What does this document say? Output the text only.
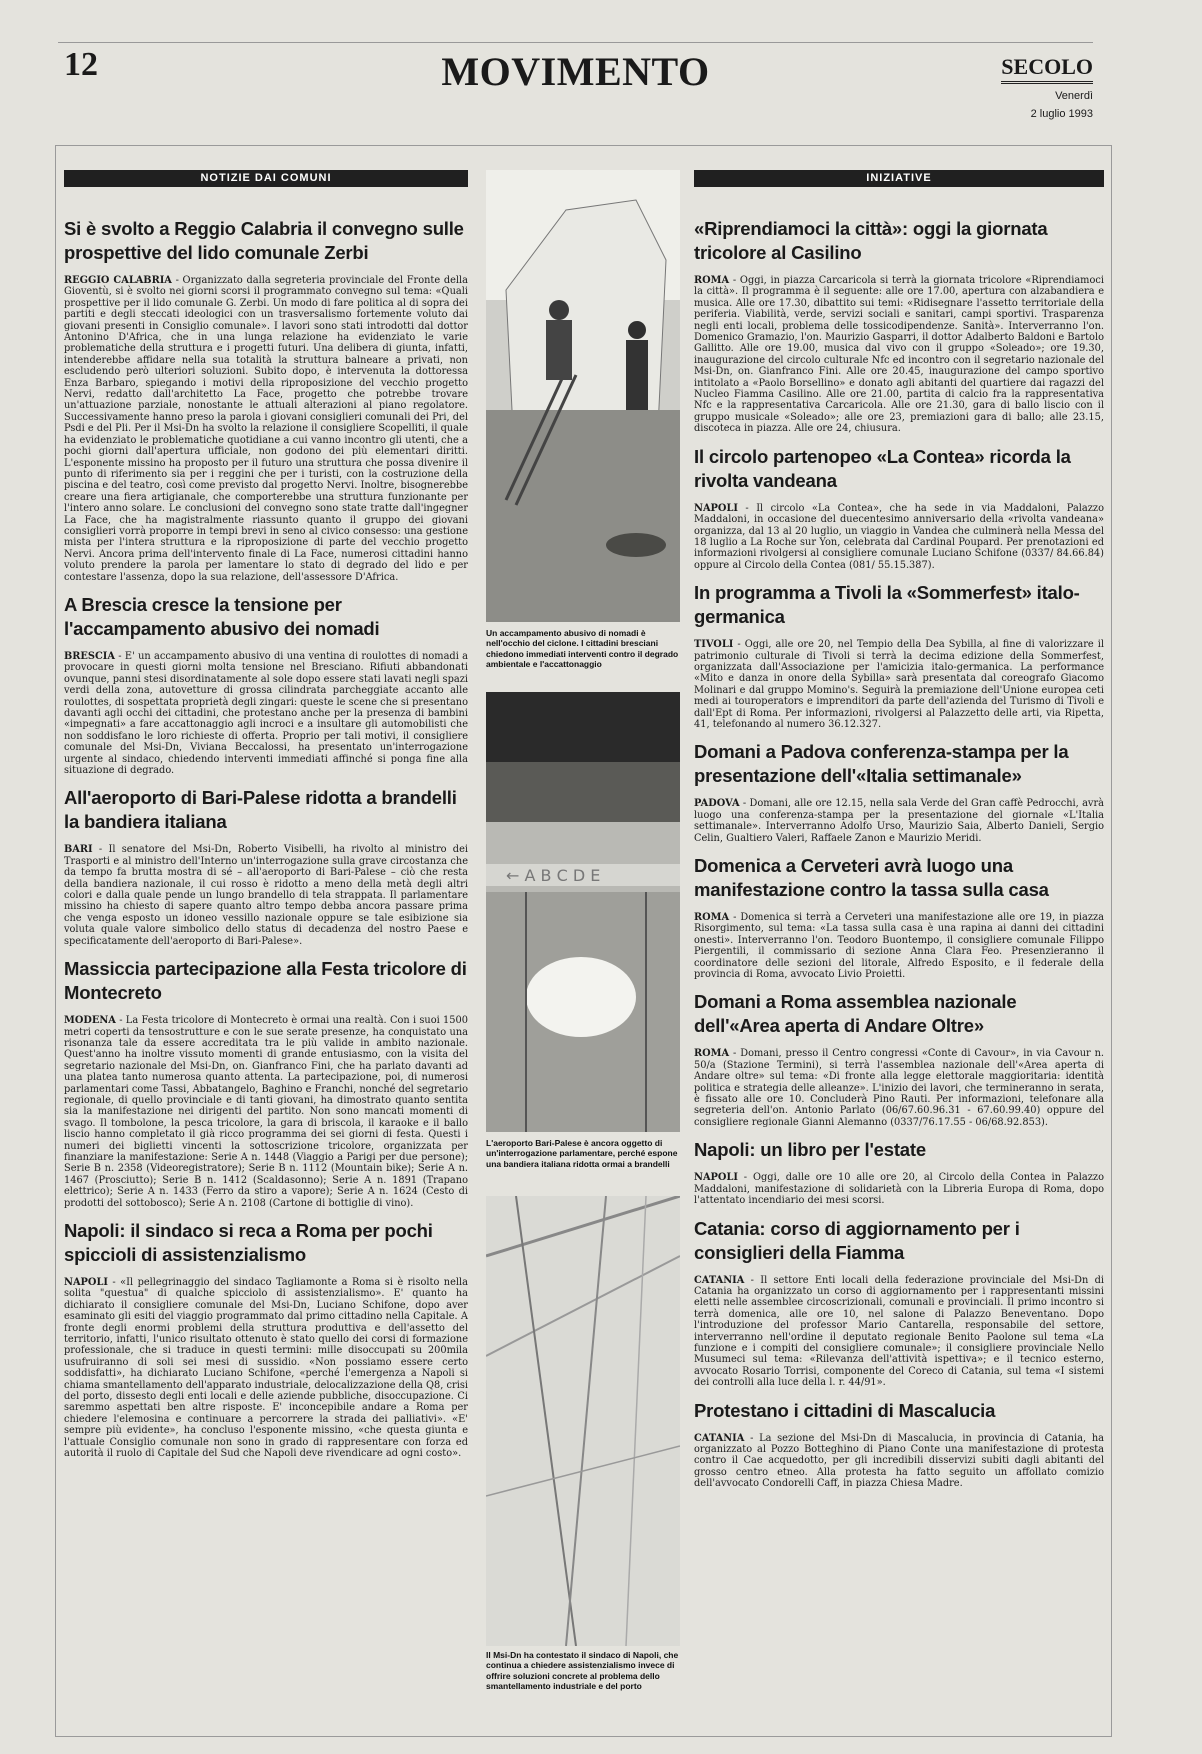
12	MOVIMENTO	SECOLO
Venerdì
2 luglio 1993
NOTIZIE DAI COMUNI
Si è svolto a Reggio Calabria il convegno sulle prospettive del lido comunale Zerbi

REGGIO CALABRIA - Organizzato dalla segreteria provinciale del Fronte della Gioventù, si è svolto nei giorni scorsi il programmato convegno sul tema: «Quali prospettive per il lido comunale G. Zerbi. Un modo di fare politica al di sopra dei partiti e degli steccati ideologici con un trasversalismo fortemente voluto dai giovani presenti in Consiglio comunale». I lavori sono stati introdotti dal dottor Antonino D'Africa, che in una lunga relazione ha evidenziato le varie problematiche della struttura e i progetti futuri. Una delibera di giunta, infatti, intenderebbe affidare nella sua totalità la struttura balneare a privati, non escludendo però ulteriori soluzioni. Subito dopo, è intervenuta la dottoressa Enza Barbaro, spiegando i motivi della riproposizione del vecchio progetto Nervi, redatto dall'architetto La Face, progetto che potrebbe trovare un'attuazione parziale, nonostante le attuali alterazioni al piano regolatore. Successivamente hanno preso la parola i giovani consiglieri comunali dei Pri, del Psdi e del Pli. Per il Msi-Dn ha svolto la relazione il consigliere Scopelliti, il quale ha evidenziato le problematiche quotidiane a cui vanno incontro gli utenti, che a pochi giorni dall'apertura ufficiale, non godono dei più elementari diritti. L'esponente missino ha proposto per il futuro una struttura che possa divenire il punto di riferimento sia per i reggini che per i turisti, con la costruzione della piscina e del teatro, così come previsto dal progetto Nervi. Inoltre, bisognerebbe creare una fiera artigianale, che comporterebbe una struttura funzionante per l'intero anno solare. Le conclusioni del convegno sono state tratte dall'ingegner La Face, che ha magistralmente riassunto quanto il gruppo dei giovani consiglieri vorrà proporre in tempi brevi in seno al civico consesso: una gestione mista per l'intera struttura e la riproposizione di parte del vecchio progetto Nervi. Ancora prima dell'intervento finale di La Face, numerosi cittadini hanno voluto prendere la parola per lamentare lo stato di degrado del lido e per contestare l'assenza, dopo la sua relazione, dell'assessore D'Africa.

A Brescia cresce la tensione per l'accampamento abusivo dei nomadi

BRESCIA - E' un accampamento abusivo di una ventina di roulottes di nomadi a provocare in questi giorni molta tensione nel Bresciano. Rifiuti abbandonati ovunque, panni stesi disordinatamente al sole dopo essere stati lavati negli spazi verdi della zona, autovetture di grossa cilindrata parcheggiate accanto alle roulottes, di sospettata proprietà degli zingari: queste le scene che si presentano davanti agli occhi dei cittadini, che protestano anche per la presenza di bambini «impegnati» a fare accattonaggio agli incroci e a insultare gli automobilisti che non soddisfano le loro richieste di offerta. Proprio per tali motivi, il consigliere comunale del Msi-Dn, Viviana Beccalossi, ha presentato un'interrogazione urgente al sindaco, chiedendo interventi immediati affinché si ponga fine alla situazione di degrado.

All'aeroporto di Bari-Palese ridotta a brandelli la bandiera italiana

BARI - Il senatore del Msi-Dn, Roberto Visibelli, ha rivolto al ministro dei Trasporti e al ministro dell'Interno un'interrogazione sulla grave circostanza che da tempo fa brutta mostra di sé – all'aeroporto di Bari-Palese – ciò che resta della bandiera nazionale, il cui rosso è ridotto a meno della metà degli altri colori e dalla quale pende un lungo brandello di tela strappata. Il parlamentare missino ha chiesto di sapere quanto altro tempo debba ancora passare prima che venga esposto un idoneo vessillo nazionale oppure se tale esibizione sia voluta quale valore simbolico dello status di decadenza del nostro Paese e specificatamente dell'aeroporto di Bari-Palese».

Massiccia partecipazione alla Festa tricolore di Montecreto

MODENA - La Festa tricolore di Montecreto è ormai una realtà. Con i suoi 1500 metri coperti da tensostrutture e con le sue serate presenze, ha conquistato una risonanza tale da essere accreditata tra le più valide in ambito nazionale. Quest'anno ha inoltre vissuto momenti di grande entusiasmo, con la visita del segretario nazionale del Msi-Dn, on. Gianfranco Fini, che ha parlato davanti ad una platea tanto numerosa quanto attenta. La partecipazione, poi, di numerosi parlamentari come Tassi, Abbatangelo, Baghino e Franchi, nonché del segretario regionale, di quello provinciale e di tanti giovani, ha dimostrato quanto sentita sia la manifestazione nei dirigenti del partito. Non sono mancati momenti di svago. Il tombolone, la pesca tricolore, la gara di briscola, il karaoke e il ballo liscio hanno completato il già ricco programma dei sei giorni di festa. Questi i numeri dei biglietti vincenti la sottoscrizione tricolore, organizzata per finanziare la manifestazione: Serie A n. 1448 (Viaggio a Parigi per due persone); Serie B n. 2358 (Videoregistratore); Serie B n. 1112 (Mountain bike); Serie A n. 1467 (Prosciutto); Serie B n. 1412 (Scaldasonno); Serie A n. 1891 (Trapano elettrico); Serie A n. 1433 (Ferro da stiro a vapore); Serie A n. 1624 (Cesto di prodotti del sottobosco); Serie A n. 2108 (Cartone di bottiglie di vino).

Napoli: il sindaco si reca a Roma per pochi spiccioli di assistenzialismo

NAPOLI - «Il pellegrinaggio del sindaco Tagliamonte a Roma si è risolto nella solita "questua" di qualche spicciolo di assistenzialismo». E' quanto ha dichiarato il consigliere comunale del Msi-Dn, Luciano Schifone, dopo aver esaminato gli esiti del viaggio programmato dal primo cittadino nella Capitale. A fronte degli enormi problemi della struttura produttiva e dell'assetto del territorio, infatti, l'unico risultato ottenuto è stato quello dei corsi di formazione professionale, che si traduce in questi termini: mille disoccupati su 200mila usufruiranno di soli sei mesi di sussidio. «Non possiamo essere certo soddisfatti», ha dichiarato Luciano Schifone, «perché l'emergenza a Napoli si chiama smantellamento dell'apparato industriale, delocalizzazione della Q8, crisi del porto, dissesto degli enti locali e delle aziende pubbliche, disoccupazione. Ci saremmo aspettati ben altre risposte. E' inconcepibile andare a Roma per chiedere l'elemosina e continuare a percorrere la strada dei palliativi». «E' sempre più evidente», ha concluso l'esponente missino, «che questa giunta e l'attuale Consiglio comunale non sono in grado di rappresentare con forza ed autorità il ruolo di Capitale del Sud che Napoli deve rivendicare ad ogni costo».

Un accampamento abusivo di nomadi è nell'occhio del ciclone. I cittadini bresciani chiedono immediati interventi contro il degrado ambientale e l'accattonaggio
← A B C D E
L'aeroporto Bari-Palese è ancora oggetto di un'interrogazione parlamentare, perché espone una bandiera italiana ridotta ormai a brandelli
Il Msi-Dn ha contestato il sindaco di Napoli, che continua a chiedere assistenzialismo invece di offrire soluzioni concrete al problema dello smantellamento industriale e del porto
INIZIATIVE
«Riprendiamoci la città»: oggi la giornata tricolore al Casilino

ROMA - Oggi, in piazza Carcaricola si terrà la giornata tricolore «Riprendiamoci la città». Il programma è il seguente: alle ore 17.00, apertura con alzabandiera e musica. Alle ore 17.30, dibattito sui temi: «Ridisegnare l'assetto territoriale della periferia. Viabilità, verde, servizi sociali e sanitari, campi sportivi. Trasparenza negli enti locali, problema delle tossicodipendenze. Sanità». Interverranno l'on. Domenico Gramazio, l'on. Maurizio Gasparri, il dottor Adalberto Baldoni e Bartolo Gallitto. Alle ore 19.00, musica dal vivo con il gruppo «Soleado»; ore 19.30, inaugurazione del circolo culturale Nfc ed incontro con il segretario nazionale del Msi-Dn, on. Gianfranco Fini. Alle ore 20.45, inaugurazione del campo sportivo intitolato a «Paolo Borsellino» e donato agli abitanti del quartiere dai ragazzi del Nucleo Fiamma Casilino. Alle ore 21.00, partita di calcio fra la rappresentativa Nfc e la rappresentativa Carcaricola. Alle ore 21.30, gara di ballo liscio con il gruppo musicale «Soleado»; alle ore 23, premiazioni gara di ballo; alle 23.15, discoteca in piazza. Alle ore 24, chiusura.

Il circolo partenopeo «La Contea» ricorda la rivolta vandeana

NAPOLI - Il circolo «La Contea», che ha sede in via Maddaloni, Palazzo Maddaloni, in occasione del duecentesimo anniversario della «rivolta vandeana» organizza, dal 13 al 20 luglio, un viaggio in Vandea che culminerà nella Messa del 18 luglio a La Roche sur Yon, celebrata dal Cardinal Poupard. Per prenotazioni ed informazioni rivolgersi al consigliere comunale Luciano Schifone (0337/ 84.66.84) oppure al Circolo della Contea (081/ 55.15.387).

In programma a Tivoli la «Sommerfest» italo-germanica

TIVOLI - Oggi, alle ore 20, nel Tempio della Dea Sybilla, al fine di valorizzare il patrimonio culturale di Tivoli si terrà la decima edizione della Sommerfest, organizzata dall'Associazione per l'amicizia italo-germanica. La performance «Mito e danza in onore della Sybilla» sarà presentata dal coreografo Giacomo Molinari e dal gruppo Momino's. Seguirà la premiazione dell'Unione europea ceti medi ai touroperators e imprenditori da parte dell'azienda del Turismo di Tivoli e dall'Ept di Roma. Per informazioni, rivolgersi al Palazzetto delle arti, via Ripetta, 41, telefonando al numero 36.12.327.

Domani a Padova conferenza-stampa per la presentazione dell'«Italia settimanale»

PADOVA - Domani, alle ore 12.15, nella sala Verde del Gran caffè Pedrocchi, avrà luogo una conferenza-stampa per la presentazione del giornale «L'Italia settimanale». Interverranno Adolfo Urso, Maurizio Saia, Alberto Danieli, Sergio Celin, Gualtiero Valeri, Raffaele Zanon e Maurizio Meridi.

Domenica a Cerveteri avrà luogo una manifestazione contro la tassa sulla casa

ROMA - Domenica si terrà a Cerveteri una manifestazione alle ore 19, in piazza Risorgimento, sul tema: «La tassa sulla casa è una rapina ai danni dei cittadini onesti». Interverranno l'on. Teodoro Buontempo, il consigliere comunale Filippo Piergentili, il commissario di sezione Anna Clara Feo. Presenzieranno il coordinatore delle sezioni del litorale, Alfredo Esposito, e il federale della provincia di Roma, avvocato Livio Proietti.

Domani a Roma assemblea nazionale dell'«Area aperta di Andare Oltre»

ROMA - Domani, presso il Centro congressi «Conte di Cavour», in via Cavour n. 50/a (Stazione Termini), si terrà l'assemblea nazionale dell'«Area aperta di Andare oltre» sul tema: «Di fronte alla legge elettorale maggioritaria: identità politica e strategia delle alleanze». L'inizio dei lavori, che termineranno in serata, è fissato alle ore 10. Concluderà Pino Rauti. Per informazioni, telefonare alla segreteria dell'on. Antonio Parlato (06/67.60.96.31 - 67.60.99.40) oppure del consigliere regionale Gianni Alemanno (0337/76.17.55 - 06/68.92.853).

Napoli: un libro per l'estate

NAPOLI - Oggi, dalle ore 10 alle ore 20, al Circolo della Contea in Palazzo Maddaloni, manifestazione di solidarietà con la Libreria Europa di Roma, dopo l'attentato incendiario dei mesi scorsi.

Catania: corso di aggiornamento per i consiglieri della Fiamma

CATANIA - Il settore Enti locali della federazione provinciale del Msi-Dn di Catania ha organizzato un corso di aggiornamento per i rappresentanti missini eletti nelle assemblee circoscrizionali, comunali e provinciali. Il primo incontro si terrà domenica, alle ore 10, nel salone di Palazzo Beneventano. Dopo l'introduzione del professor Mario Cantarella, responsabile del settore, interverranno nell'ordine il deputato regionale Benito Paolone sul tema «La funzione e i compiti del consigliere comunale»; il consigliere provinciale Nello Musumeci sul tema: «Rilevanza dell'attività ispettiva»; e il tecnico esterno, avvocato Rosario Torrisi, componente del Coreco di Catania, sul tema «I sistemi dei controlli alla luce della l. r. 44/91».

Protestano i cittadini di Mascalucia

CATANIA - La sezione del Msi-Dn di Mascalucia, in provincia di Catania, ha organizzato al Pozzo Botteghino di Piano Conte una manifestazione di protesta contro il Cae acquedotto, per gli incredibili disservizi subiti dagli abitanti del grosso centro etneo. Alla protesta ha fatto seguito un affollato comizio dell'avvocato Condorelli Caff, in piazza Chiesa Madre.
